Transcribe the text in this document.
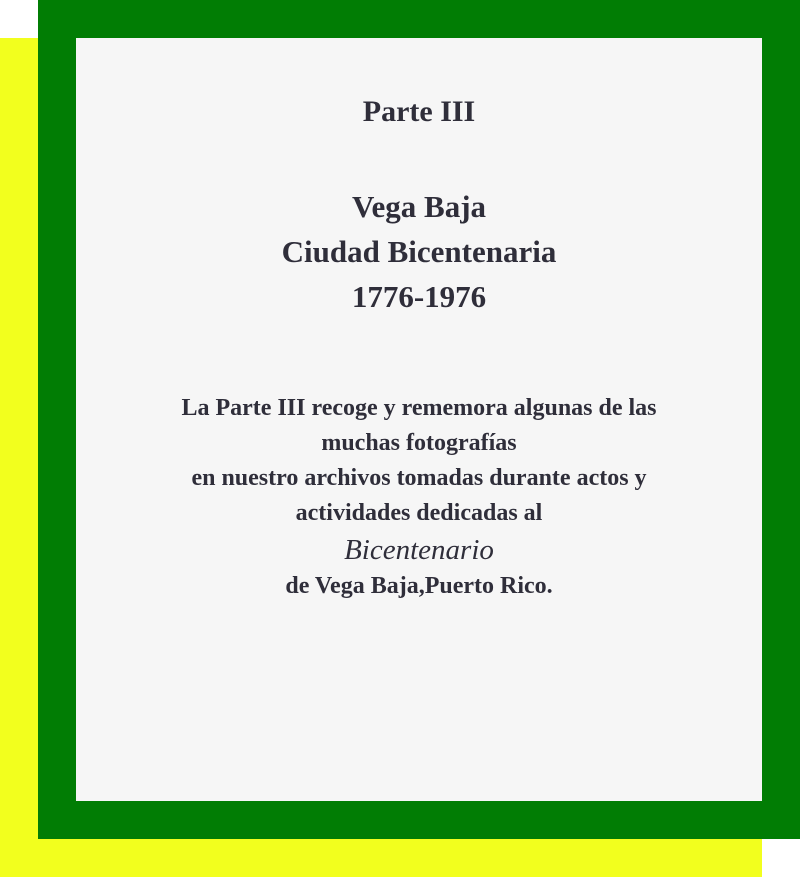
Parte III
Vega Baja
Ciudad Bicentenaria
1776-1976
La Parte III recoge y rememora algunas de las
muchas fotografías
en nuestro archivos tomadas durante actos y
actividades dedicadas al
Bicentenario
de Vega Baja,Puerto Rico.
